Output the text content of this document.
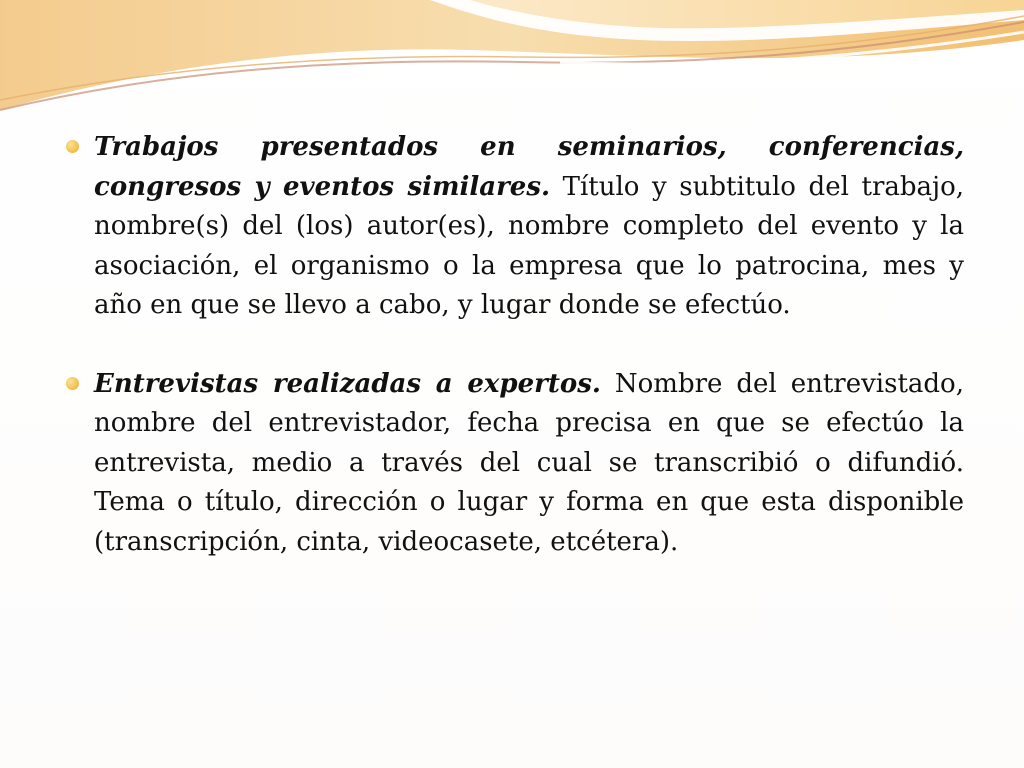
Trabajos presentados en seminarios, conferencias, congresos y eventos similares. Título y subtitulo del trabajo, nombre(s) del (los) autor(es), nombre completo del evento y la asociación, el organismo o la empresa que lo patrocina, mes y año en que se llevo a cabo, y lugar donde se efectúo.
Entrevistas realizadas a expertos. Nombre del entrevistado, nombre del entrevistador, fecha precisa en que se efectúo la entrevista, medio a través del cual se transcribió o difundió. Tema o título, dirección o lugar y forma en que esta disponible (transcripción, cinta, videocasete, etcétera).
